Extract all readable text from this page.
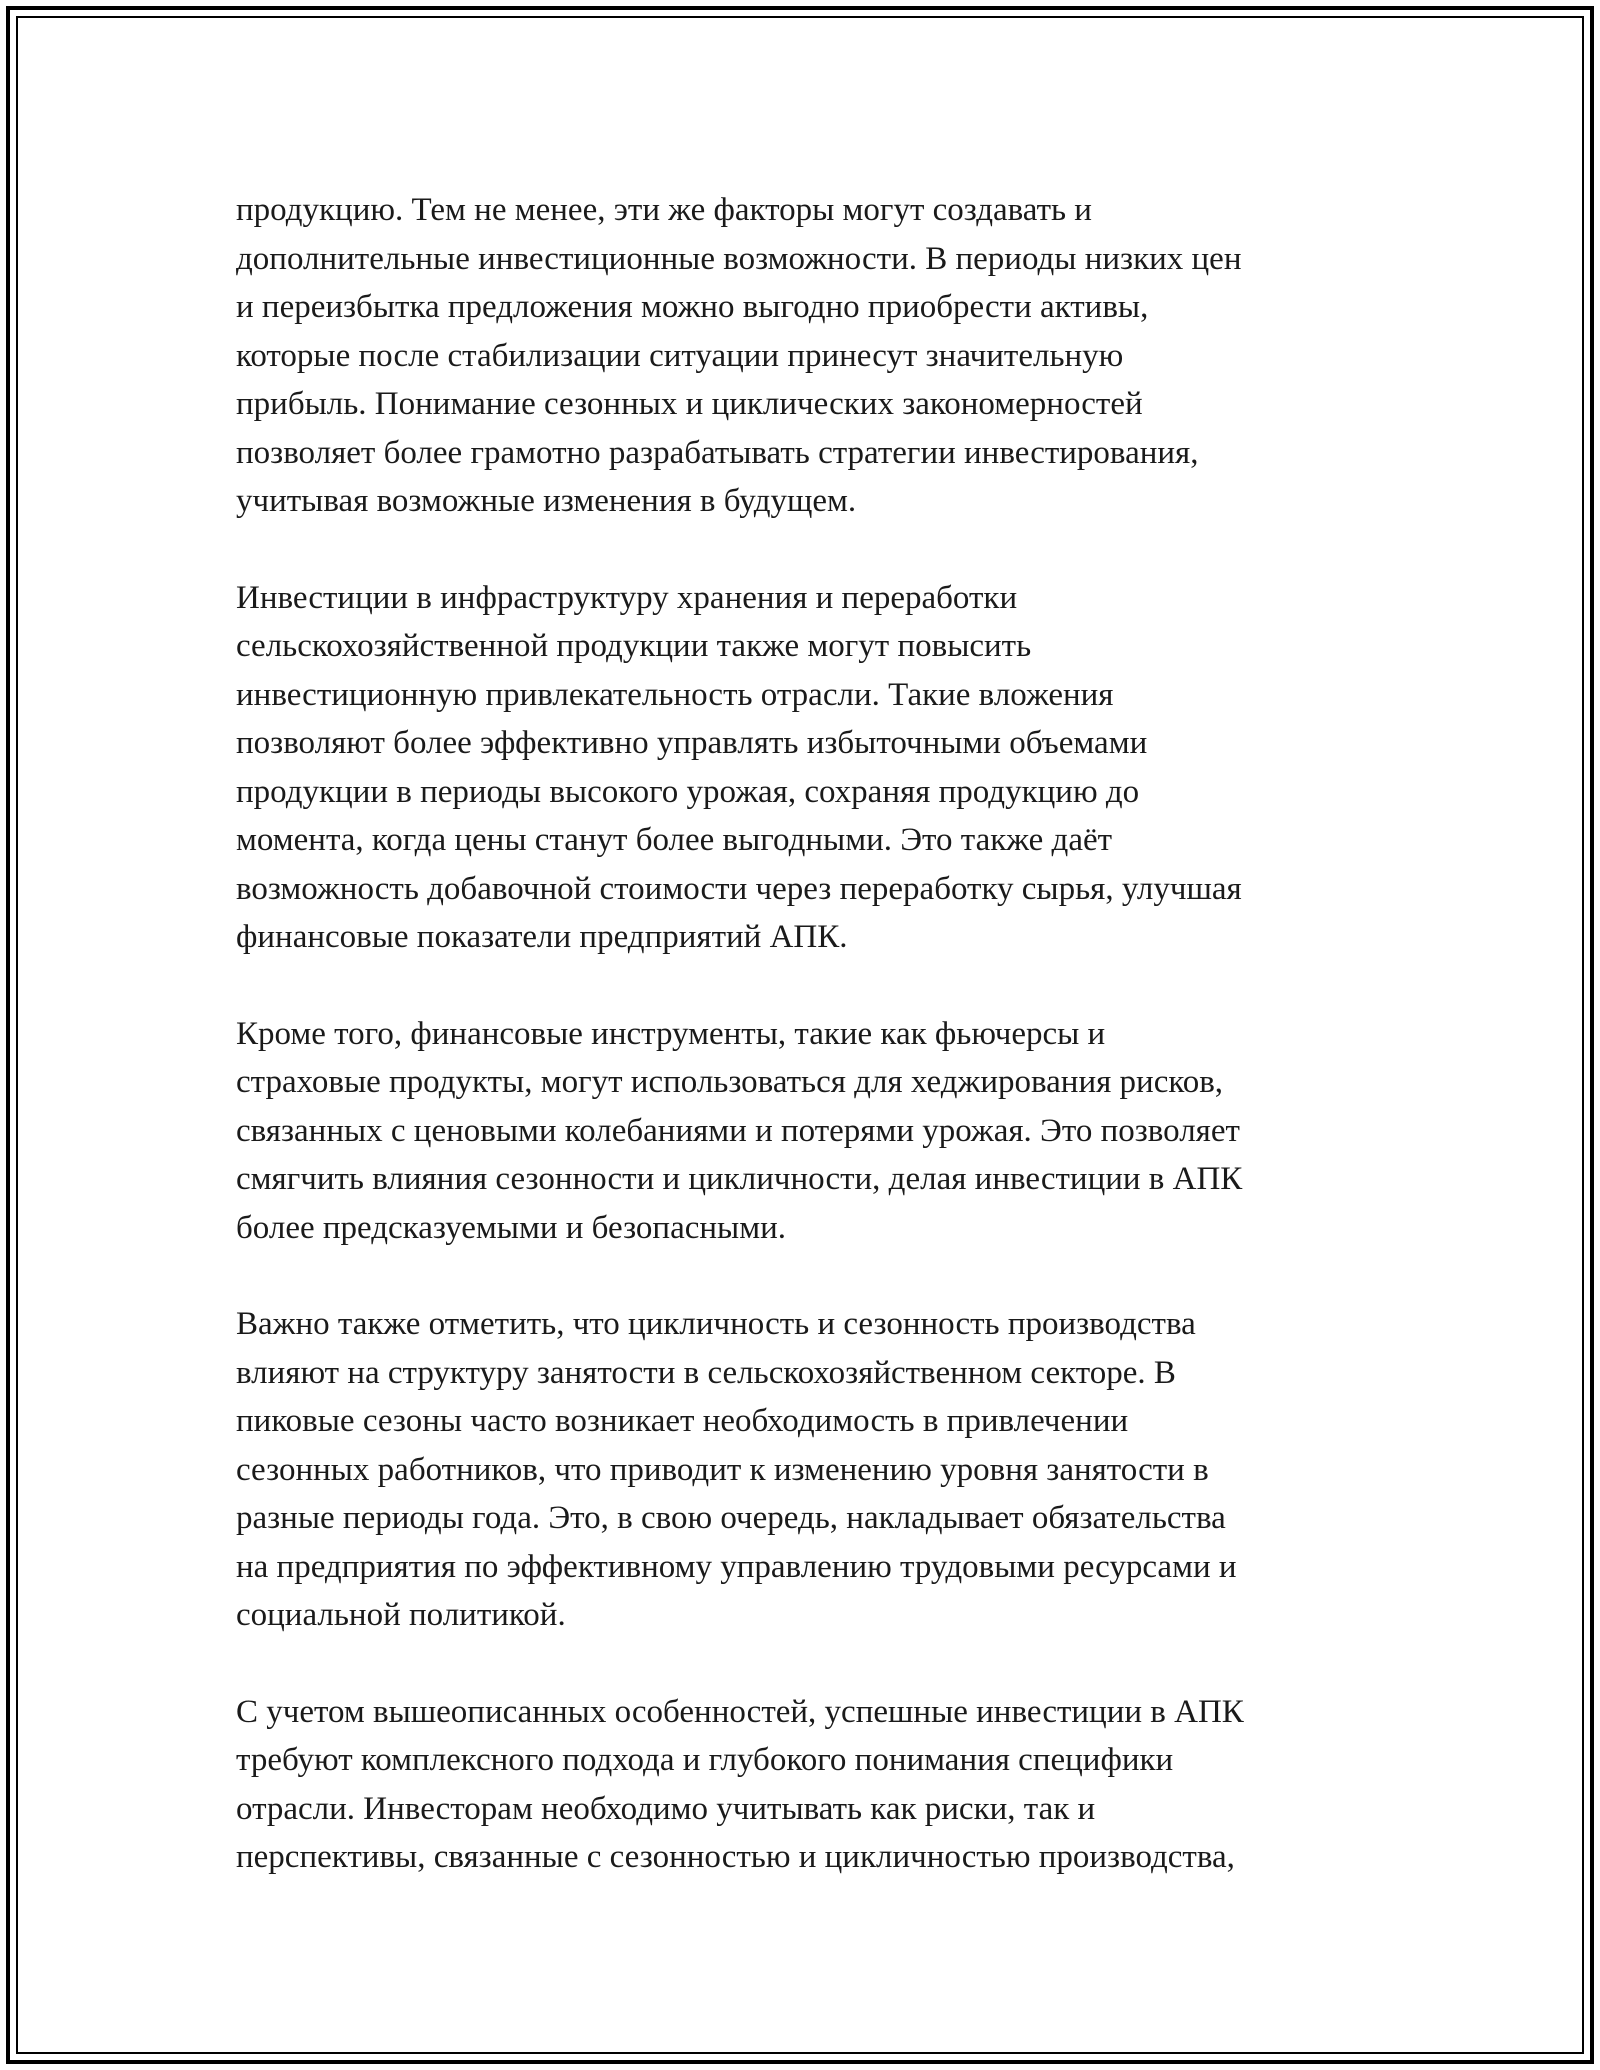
продукцию. Тем не менее, эти же факторы могут создавать и
дополнительные инвестиционные возможности. В периоды низких цен
и переизбытка предложения можно выгодно приобрести активы,
которые после стабилизации ситуации принесут значительную
прибыль. Понимание сезонных и циклических закономерностей
позволяет более грамотно разрабатывать стратегии инвестирования,
учитывая возможные изменения в будущем.

Инвестиции в инфраструктуру хранения и переработки
сельскохозяйственной продукции также могут повысить
инвестиционную привлекательность отрасли. Такие вложения
позволяют более эффективно управлять избыточными объемами
продукции в периоды высокого урожая, сохраняя продукцию до
момента, когда цены станут более выгодными. Это также даёт
возможность добавочной стоимости через переработку сырья, улучшая
финансовые показатели предприятий АПК.

Кроме того, финансовые инструменты, такие как фьючерсы и
страховые продукты, могут использоваться для хеджирования рисков,
связанных с ценовыми колебаниями и потерями урожая. Это позволяет
смягчить влияния сезонности и цикличности, делая инвестиции в АПК
более предсказуемыми и безопасными.

Важно также отметить, что цикличность и сезонность производства
влияют на структуру занятости в сельскохозяйственном секторе. В
пиковые сезоны часто возникает необходимость в привлечении
сезонных работников, что приводит к изменению уровня занятости в
разные периоды года. Это, в свою очередь, накладывает обязательства
на предприятия по эффективному управлению трудовыми ресурсами и
социальной политикой.

С учетом вышеописанных особенностей, успешные инвестиции в АПК
требуют комплексного подхода и глубокого понимания специфики
отрасли. Инвесторам необходимо учитывать как риски, так и
перспективы, связанные с сезонностью и цикличностью производства,
